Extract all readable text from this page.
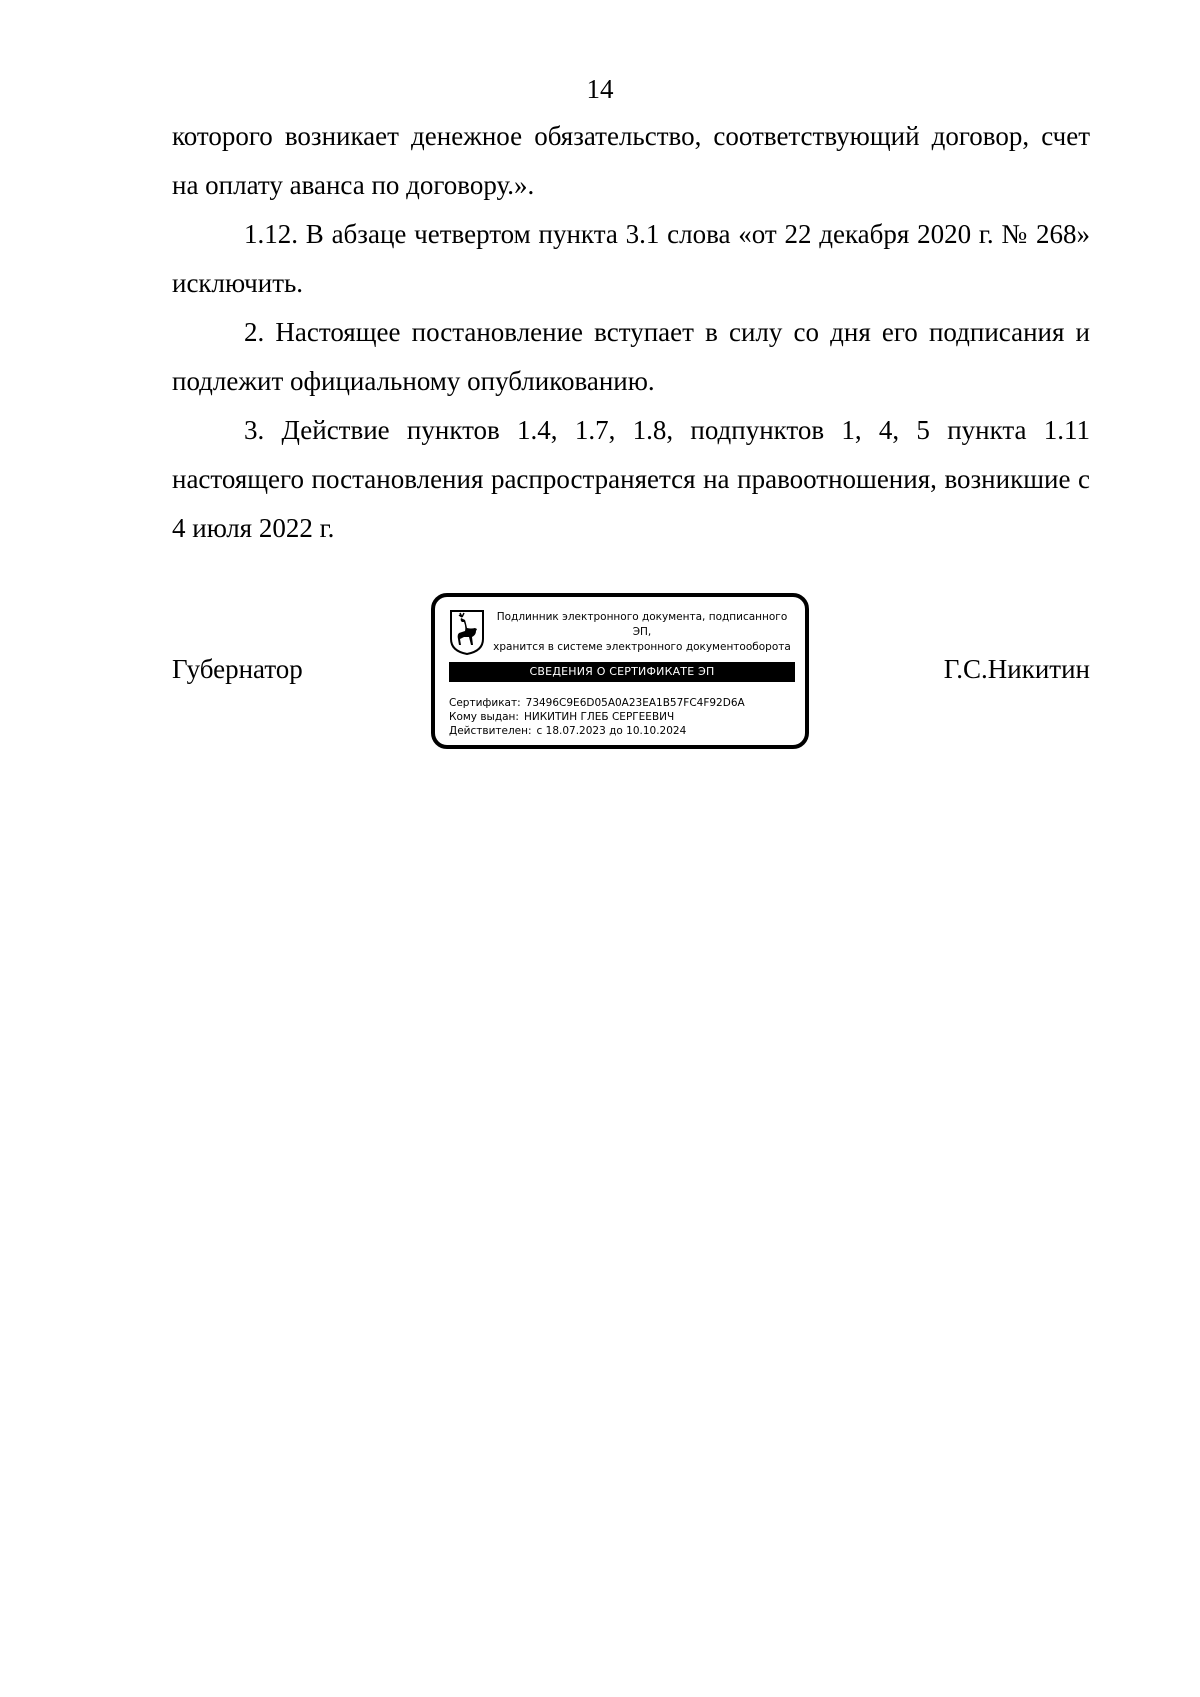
14

которого возникает денежное обязательство, соответствующий договор, счет на оплату аванса по договору.».

1.12. В абзаце четвертом пункта 3.1 слова «от 22 декабря 2020 г. № 268» исключить.

2. Настоящее постановление вступает в силу со дня его подписания и подлежит официальному опубликованию.

3. Действие пунктов 1.4, 1.7, 1.8, подпунктов 1, 4, 5 пункта 1.11 настоящего постановления распространяется на правоотношения, возникшие с 4 июля 2022 г.

Губернатор	Г.С.Никитин
Подлинник электронного документа, подписанного ЭП,
хранится в системе электронного документооборота
СВЕДЕНИЯ О СЕРТИФИКАТЕ ЭП
Сертификат: 73496C9E6D05A0A23EA1B57FC4F92D6A
Кому выдан: НИКИТИН ГЛЕБ СЕРГЕЕВИЧ
Действителен: с 18.07.2023 до 10.10.2024
